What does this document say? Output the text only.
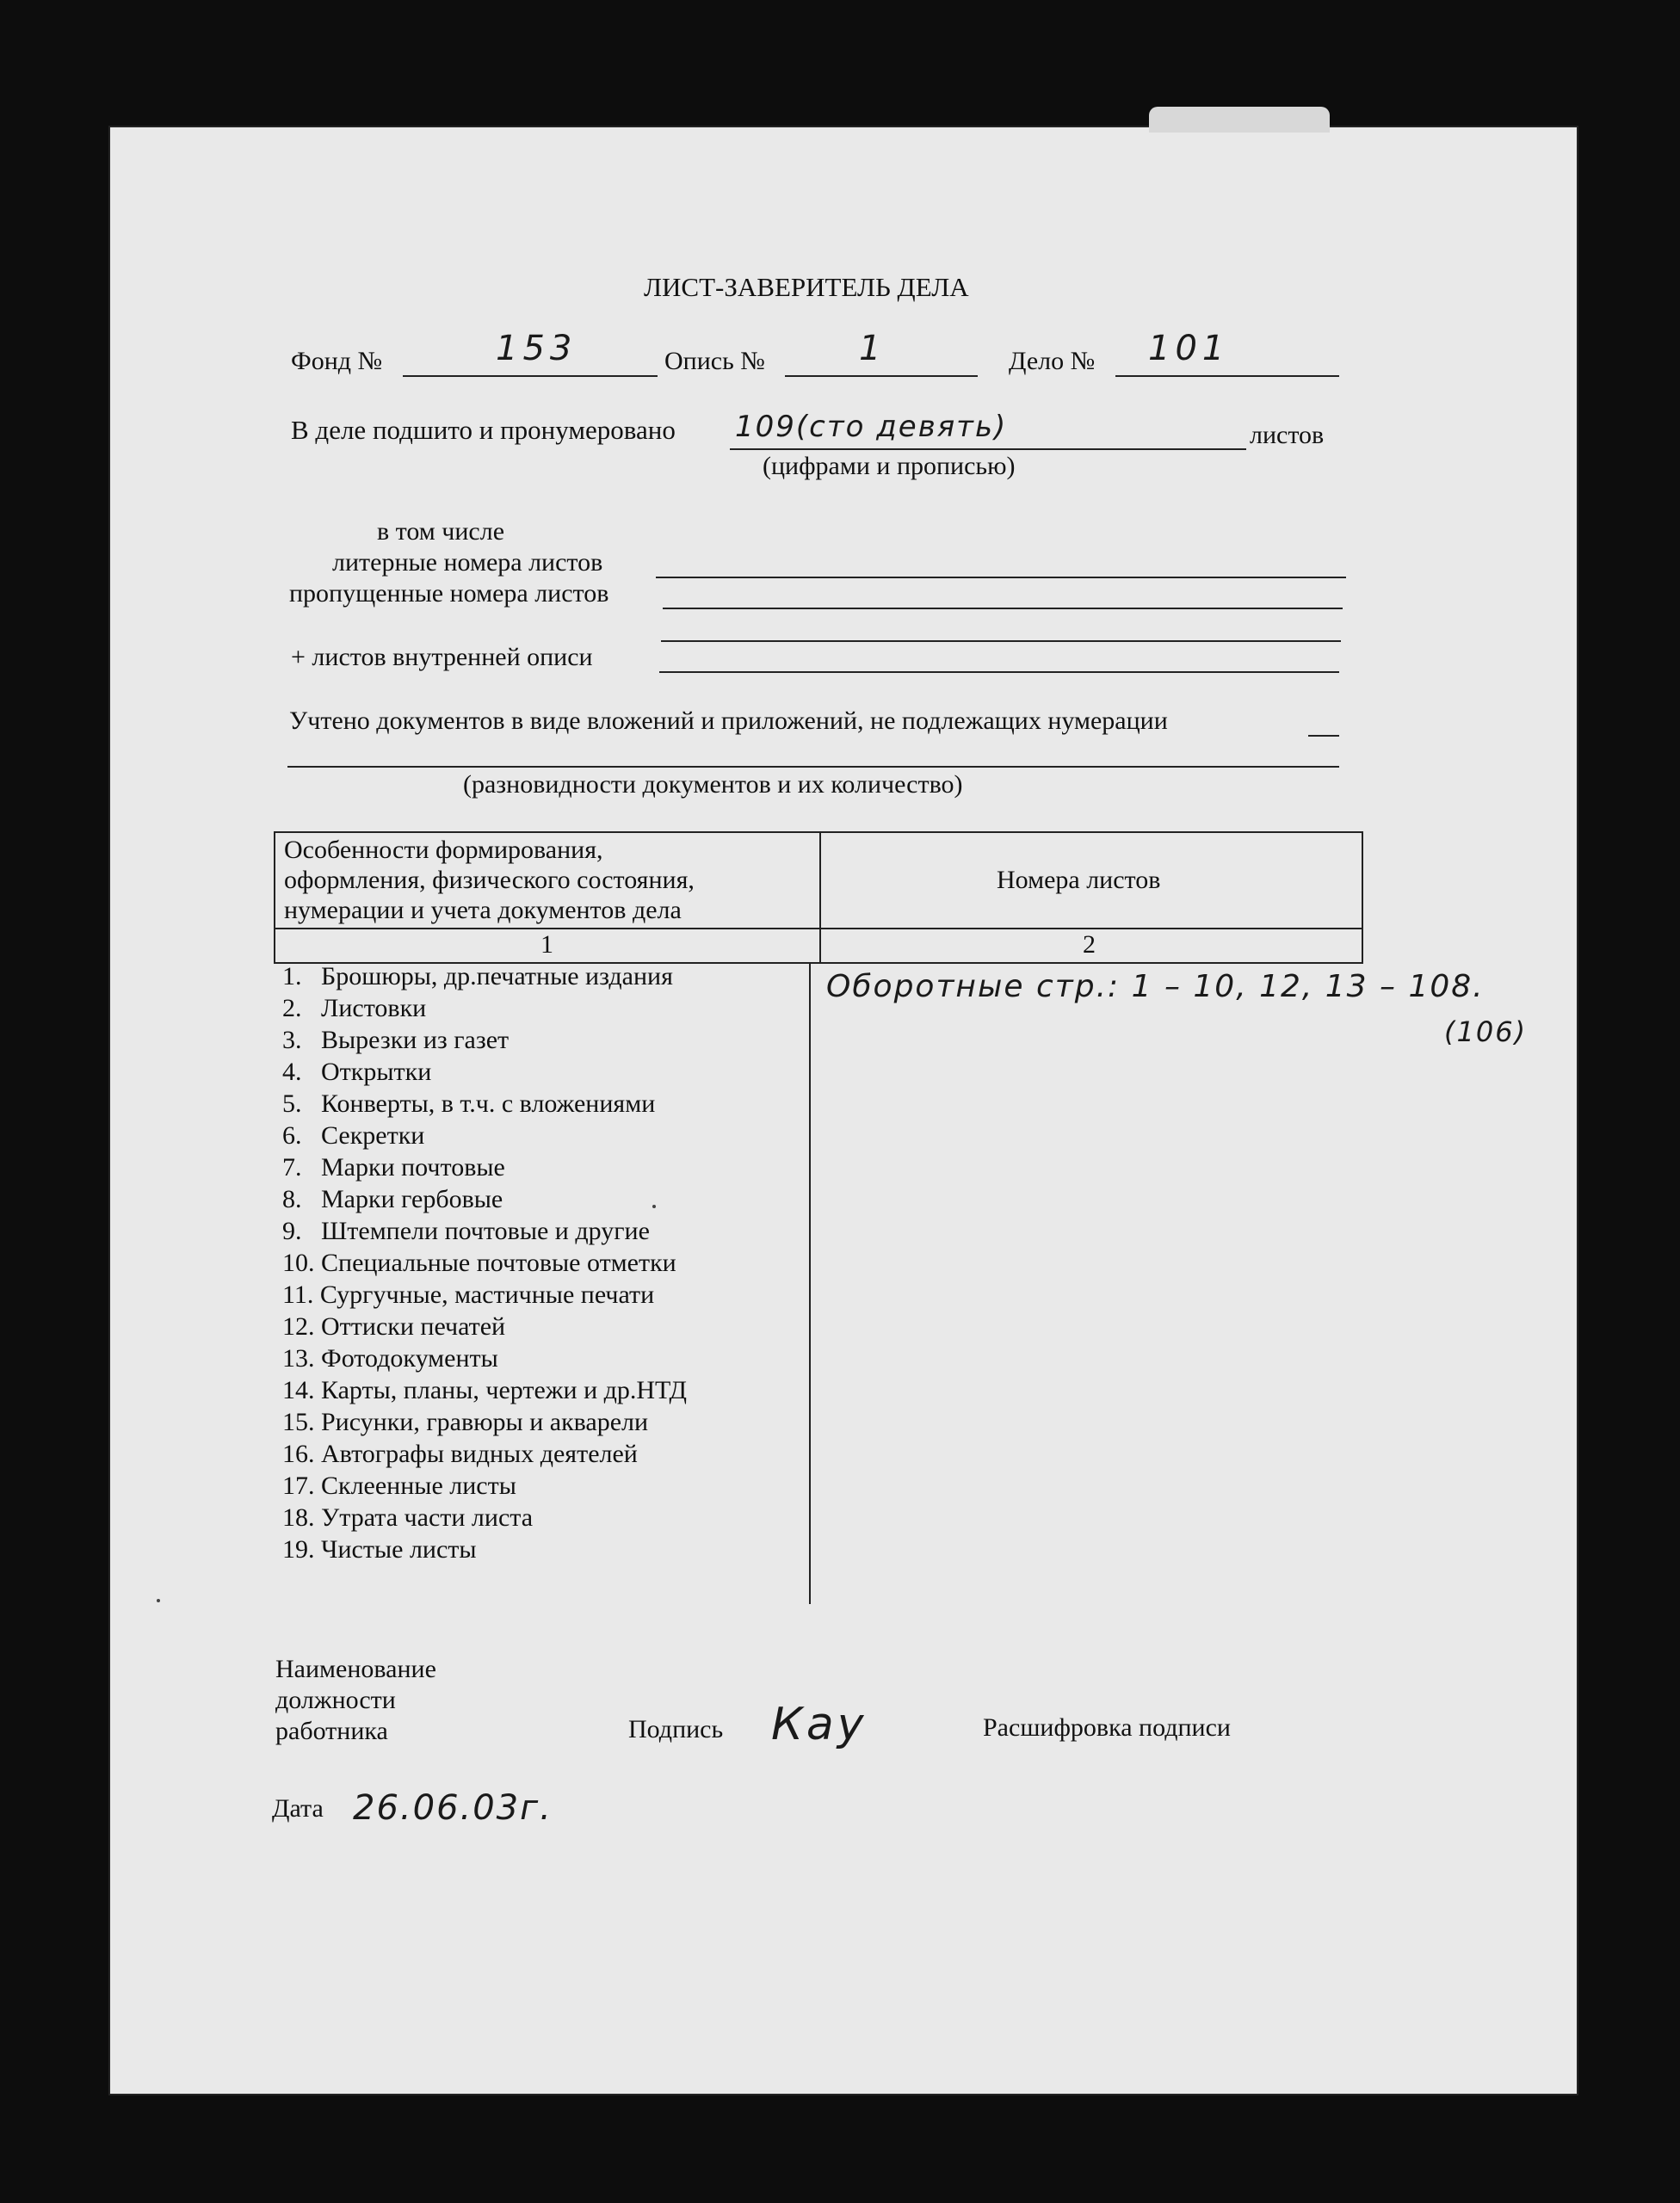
ЛИСТ-ЗАВЕРИТЕЛЬ ДЕЛА
Фонд №	153	Опись №	1	Дело № 101
В деле подшито и пронумеровано 109(сто девять)	листов
(цифрами и прописью)
в том числе
литерные номера листов
пропущенные номера листов
+ листов внутренней описи
Учтено документов в виде вложений и приложений, не подлежащих нумерации
(разновидности документов и их количество)
Особенности формирования,
оформления, физического состояния,
нумерации и учета документов дела
Номера листов
1	2
1.   Брошюры, др.печатные издания
2.   Листовки
3.   Вырезки из газет
4.   Открытки
5.   Конверты, в т.ч. с вложениями
6.   Секретки
7.   Марки почтовые
8.   Марки гербовые
9.   Штемпели почтовые и другие
10. Специальные почтовые отметки
11. Сургучные, мастичные печати
12. Оттиски печатей
13. Фотодокументы
14. Карты, планы, чертежи и др.НТД
15. Рисунки, гравюры и акварели
16. Автографы видных деятелей
17. Склеенные листы
18. Утрата части листа
19. Чистые листы
Оборотные стр.: 1 – 10, 12, 13 – 108.
(106)
Наименование
должности
работника	Подпись Кау	Расшифровка подписи
Дата 26.06.03г.
